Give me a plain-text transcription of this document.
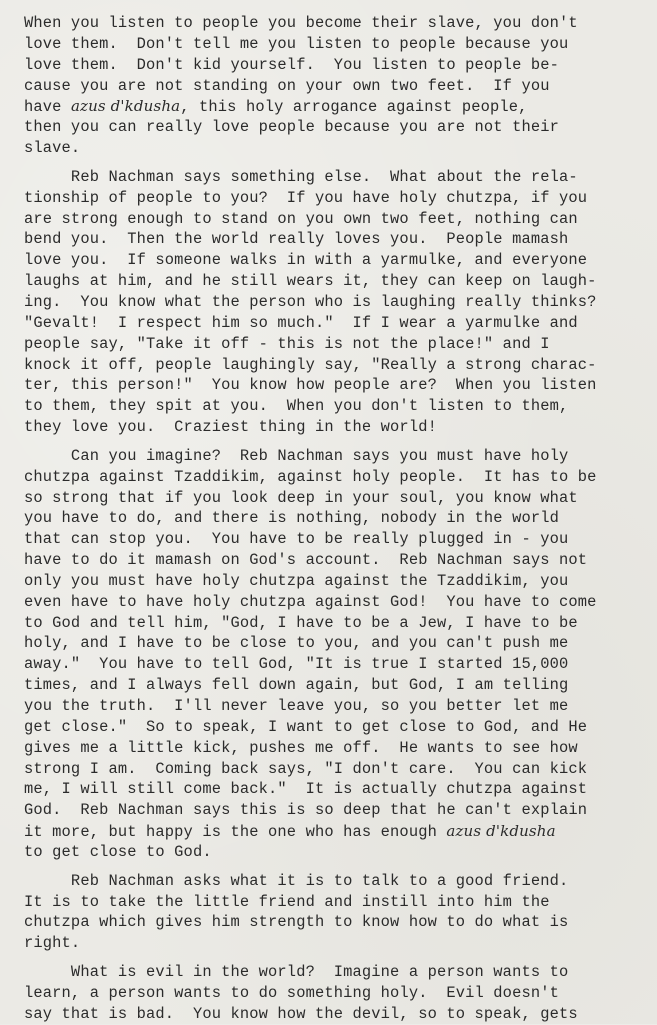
When you listen to people you become their slave, you don't
love them.  Don't tell me you listen to people because you
love them.  Don't kid yourself.  You listen to people be-
cause you are not standing on your own two feet.  If you
have azus d'kdusha, this holy arrogance against people,
then you can really love people because you are not their
slave.
Reb Nachman says something else.  What about the rela-
tionship of people to you?  If you have holy chutzpa, if you
are strong enough to stand on you own two feet, nothing can
bend you.  Then the world really loves you.  People mamash
love you.  If someone walks in with a yarmulke, and everyone
laughs at him, and he still wears it, they can keep on laugh-
ing.  You know what the person who is laughing really thinks?
"Gevalt!  I respect him so much."  If I wear a yarmulke and
people say, "Take it off - this is not the place!" and I
knock it off, people laughingly say, "Really a strong charac-
ter, this person!"  You know how people are?  When you listen
to them, they spit at you.  When you don't listen to them,
they love you.  Craziest thing in the world!
Can you imagine?  Reb Nachman says you must have holy
chutzpa against Tzaddikim, against holy people.  It has to be
so strong that if you look deep in your soul, you know what
you have to do, and there is nothing, nobody in the world
that can stop you.  You have to be really plugged in - you
have to do it mamash on God's account.  Reb Nachman says not
only you must have holy chutzpa against the Tzaddikim, you
even have to have holy chutzpa against God!  You have to come
to God and tell him, "God, I have to be a Jew, I have to be
holy, and I have to be close to you, and you can't push me
away."  You have to tell God, "It is true I started 15,000
times, and I always fell down again, but God, I am telling
you the truth.  I'll never leave you, so you better let me
get close."  So to speak, I want to get close to God, and He
gives me a little kick, pushes me off.  He wants to see how
strong I am.  Coming back says, "I don't care.  You can kick
me, I will still come back."  It is actually chutzpa against
God.  Reb Nachman says this is so deep that he can't explain
it more, but happy is the one who has enough azus d'kdusha
to get close to God.
Reb Nachman asks what it is to talk to a good friend.
It is to take the little friend and instill into him the
chutzpa which gives him strength to know how to do what is
right.
What is evil in the world?  Imagine a person wants to
learn, a person wants to do something holy.  Evil doesn't
say that is bad.  You know how the devil, so to speak, gets
